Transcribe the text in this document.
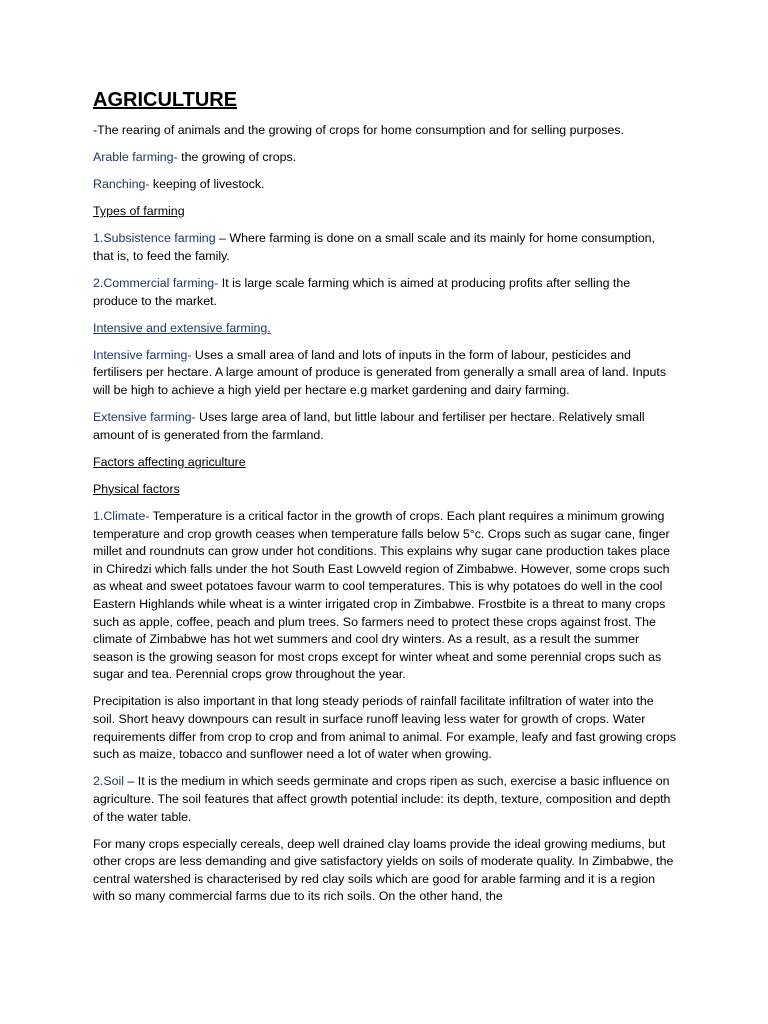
AGRICULTURE

-The rearing of animals and the growing of crops for home consumption and for selling purposes.

Arable farming- the growing of crops.

Ranching- keeping of livestock.

Types of farming

1.Subsistence farming – Where farming is done on a small scale and its mainly for home consumption, that is, to feed the family.

2.Commercial farming- It is large scale farming which is aimed at producing profits after selling the produce to the market.

Intensive and extensive farming.

Intensive farming- Uses a small area of land and lots of inputs in the form of labour, pesticides and fertilisers per hectare. A large amount of produce is generated from generally a small area of land. Inputs will be high to achieve a high yield per hectare e.g market gardening and dairy farming.

Extensive farming- Uses large area of land, but little labour and fertiliser per hectare. Relatively small amount of is generated from the farmland.

Factors affecting agriculture

Physical factors

1.Climate- Temperature is a critical factor in the growth of crops. Each plant requires a minimum growing temperature and crop growth ceases when temperature falls below 5°c. Crops such as sugar cane, finger millet and roundnuts can grow under hot conditions. This explains why sugar cane production takes place in Chiredzi which falls under the hot South East Lowveld region of Zimbabwe. However, some crops such as wheat and sweet potatoes favour warm to cool temperatures. This is why potatoes do well in the cool Eastern Highlands while wheat is a winter irrigated crop in Zimbabwe. Frostbite is a threat to many crops such as apple, coffee, peach and plum trees. So farmers need to protect these crops against frost. The climate of Zimbabwe has hot wet summers and cool dry winters. As a result, as a result the summer season is the growing season for most crops except for winter wheat and some perennial crops such as sugar and tea. Perennial crops grow throughout the year.

Precipitation is also important in that long steady periods of rainfall facilitate infiltration of water into the soil. Short heavy downpours can result in surface runoff leaving less water for growth of crops. Water requirements differ from crop to crop and from animal to animal. For example, leafy and fast growing crops such as maize, tobacco and sunflower need a lot of water when growing.

2.Soil – It is the medium in which seeds germinate and crops ripen as such, exercise a basic influence on agriculture. The soil features that affect growth potential include: its depth, texture, composition and depth of the water table.

For many crops especially cereals, deep well drained clay loams provide the ideal growing mediums, but other crops are less demanding and give satisfactory yields on soils of moderate quality. In Zimbabwe, the central watershed is characterised by red clay soils which are good for arable farming and it is a region with so many commercial farms due to its rich soils. On the other hand, the
